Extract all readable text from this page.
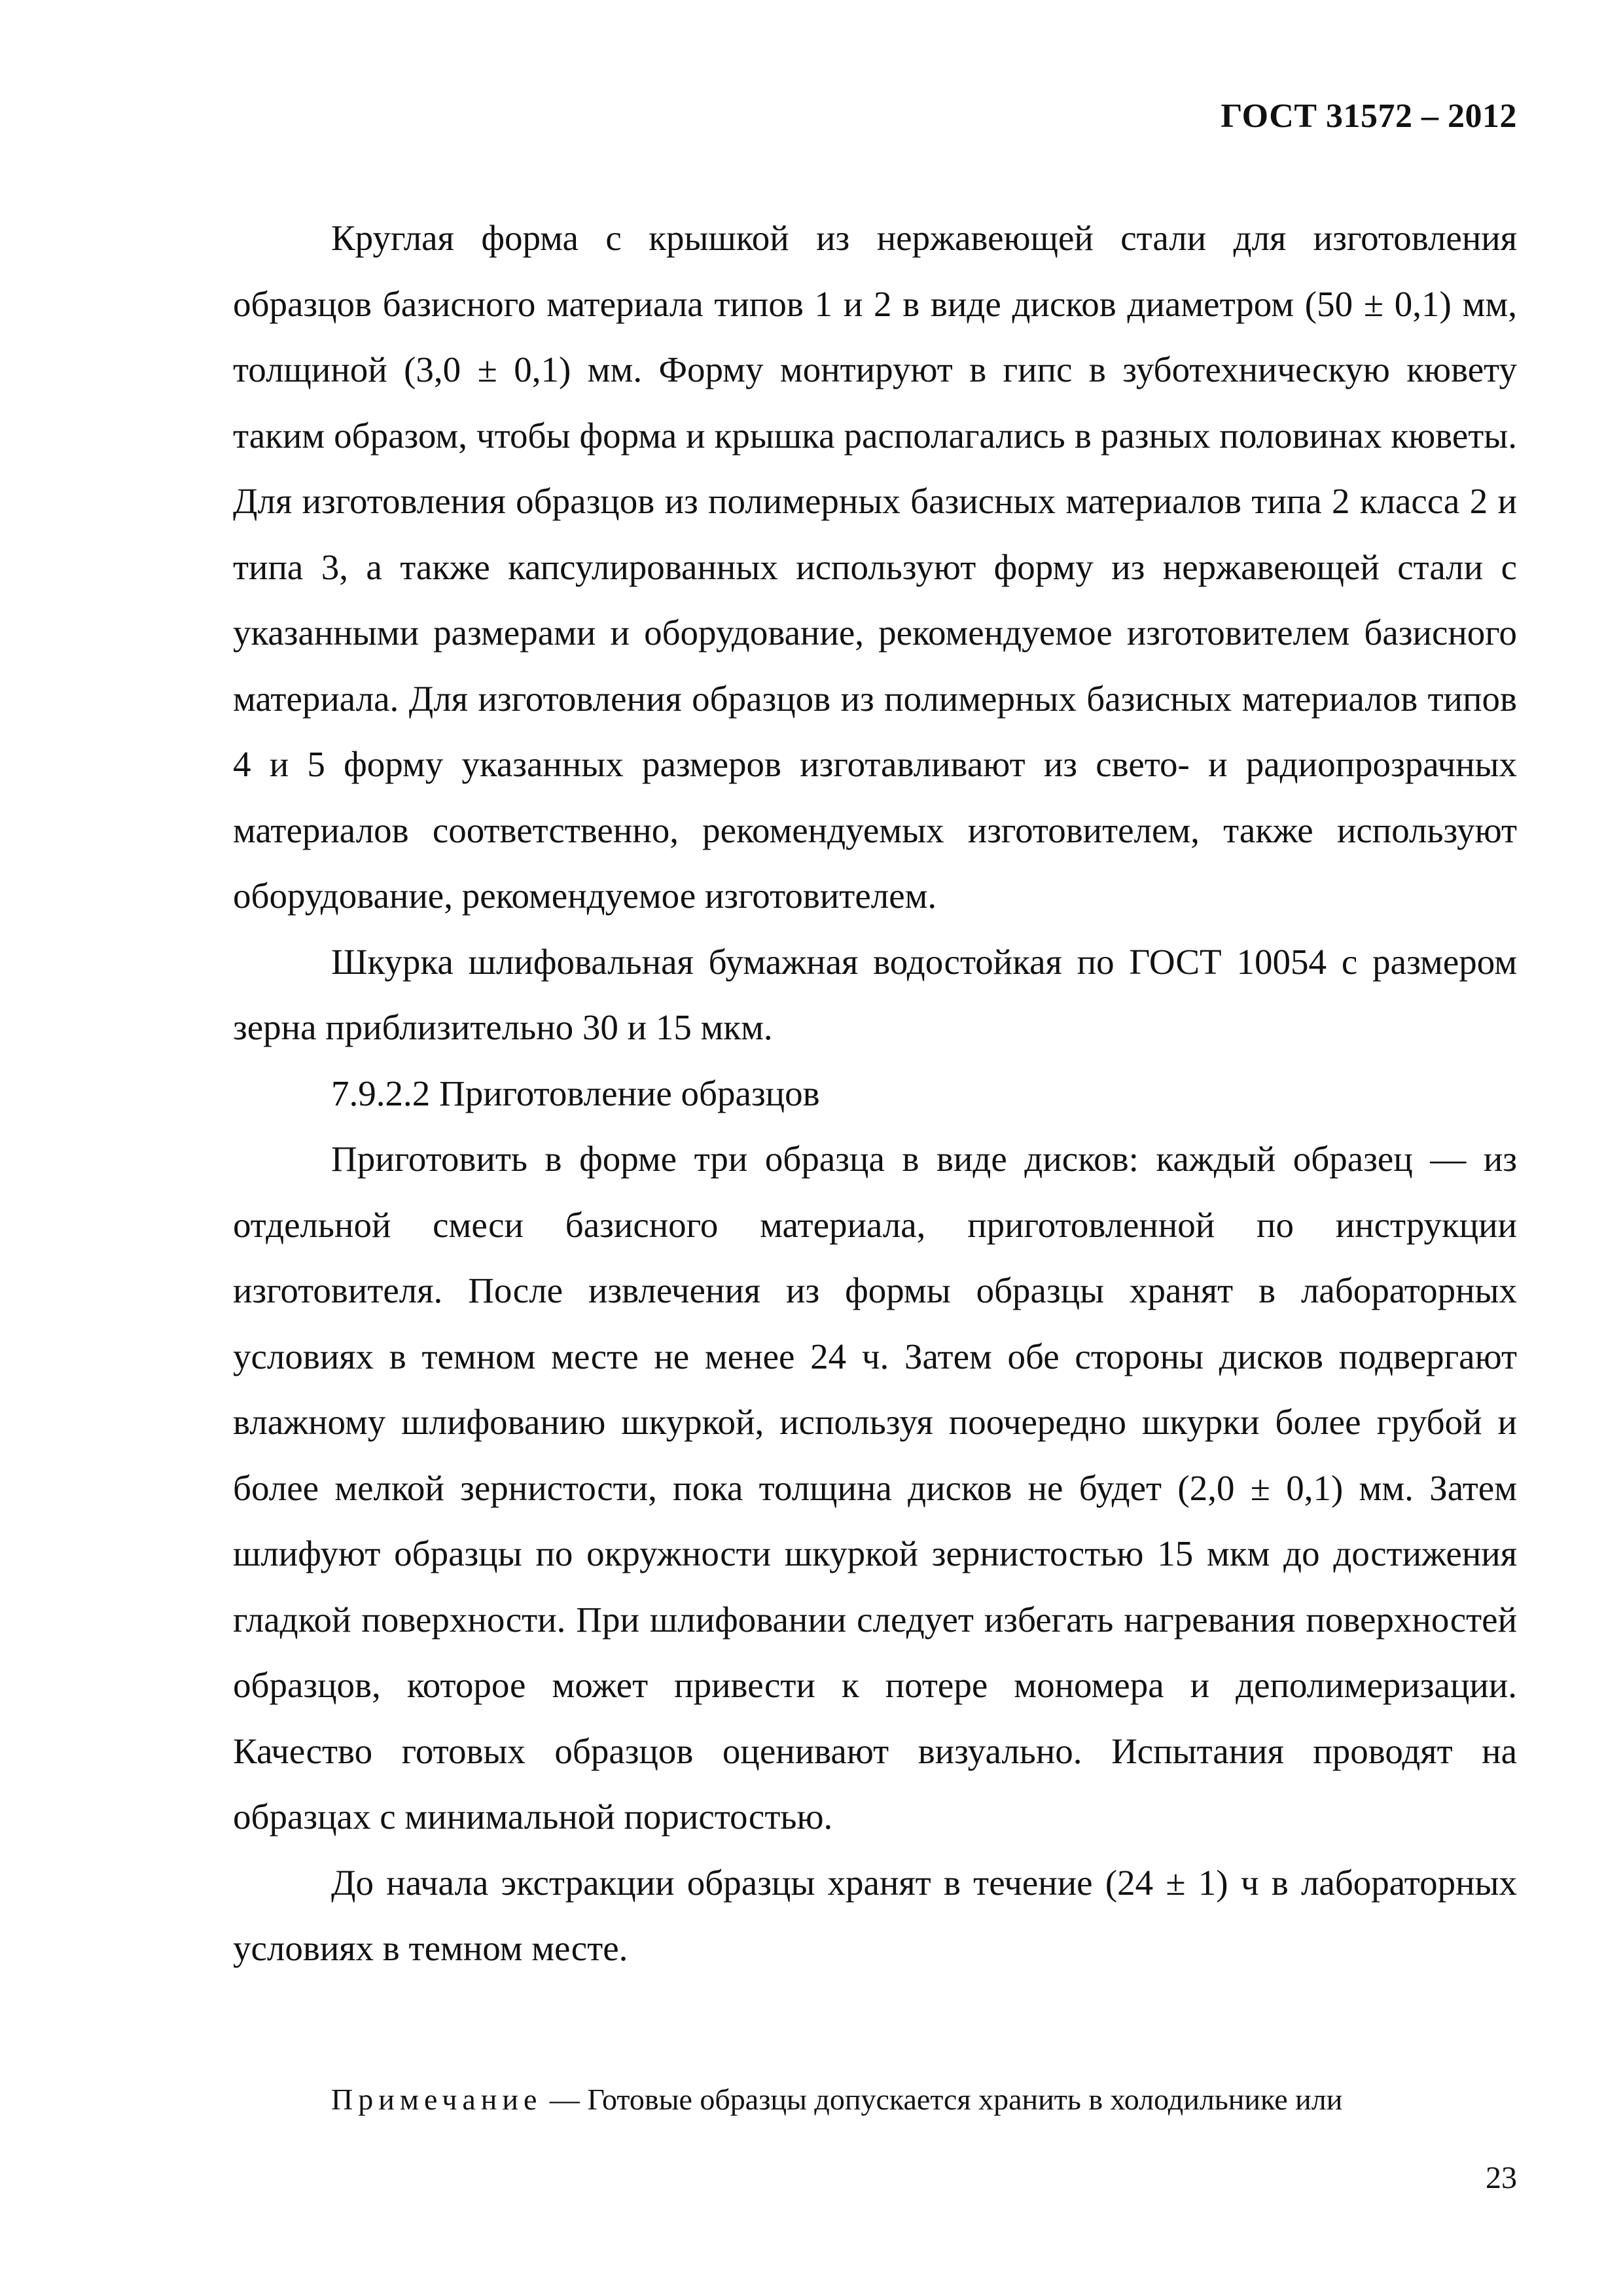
ГОСТ 31572 – 2012

Круглая форма с крышкой из нержавеющей стали для изготовления образцов базисного материала типов 1 и 2 в виде дисков диаметром (50 ± 0,1) мм, толщиной (3,0 ± 0,1) мм. Форму монтируют в гипс в зуботехническую кювету таким образом, чтобы форма и крышка располагались в разных половинах кюветы. Для изготовления образцов из полимерных базисных материалов типа 2 класса 2 и типа 3, а также капсулированных используют форму из нержавеющей стали с указанными размерами и оборудование, рекомендуемое изготовителем базисного материала. Для изготовления образцов из полимерных базисных материалов типов 4 и 5 форму указанных размеров изготавливают из свето- и радиопрозрачных материалов соответственно, рекомендуемых изготовителем, также используют оборудование, рекомендуемое изготовителем.

Шкурка шлифовальная бумажная водостойкая по ГОСТ 10054 с размером зерна приблизительно 30 и 15 мкм.

7.9.2.2 Приготовление образцов

Приготовить в форме три образца в виде дисков: каждый образец — из отдельной смеси базисного материала, приготовленной по инструкции изготовителя. После извлечения из формы образцы хранят в лабораторных условиях в темном месте не менее 24 ч. Затем обе стороны дисков подвергают влажному шлифованию шкуркой, используя поочередно шкурки более грубой и более мелкой зернистости, пока толщина дисков не будет (2,0 ± 0,1) мм. Затем шлифуют образцы по окружности шкуркой зернистостью 15 мкм до достижения гладкой поверхности. При шлифовании следует избегать нагревания поверхностей образцов, которое может привести к потере мономера и деполимеризации. Качество готовых образцов оценивают визуально. Испытания проводят на образцах с минимальной пористостью.

До начала экстракции образцы хранят в течение (24 ± 1) ч в лабораторных условиях в темном месте.

Примечание — Готовые образцы допускается хранить в холодильнике или
23
